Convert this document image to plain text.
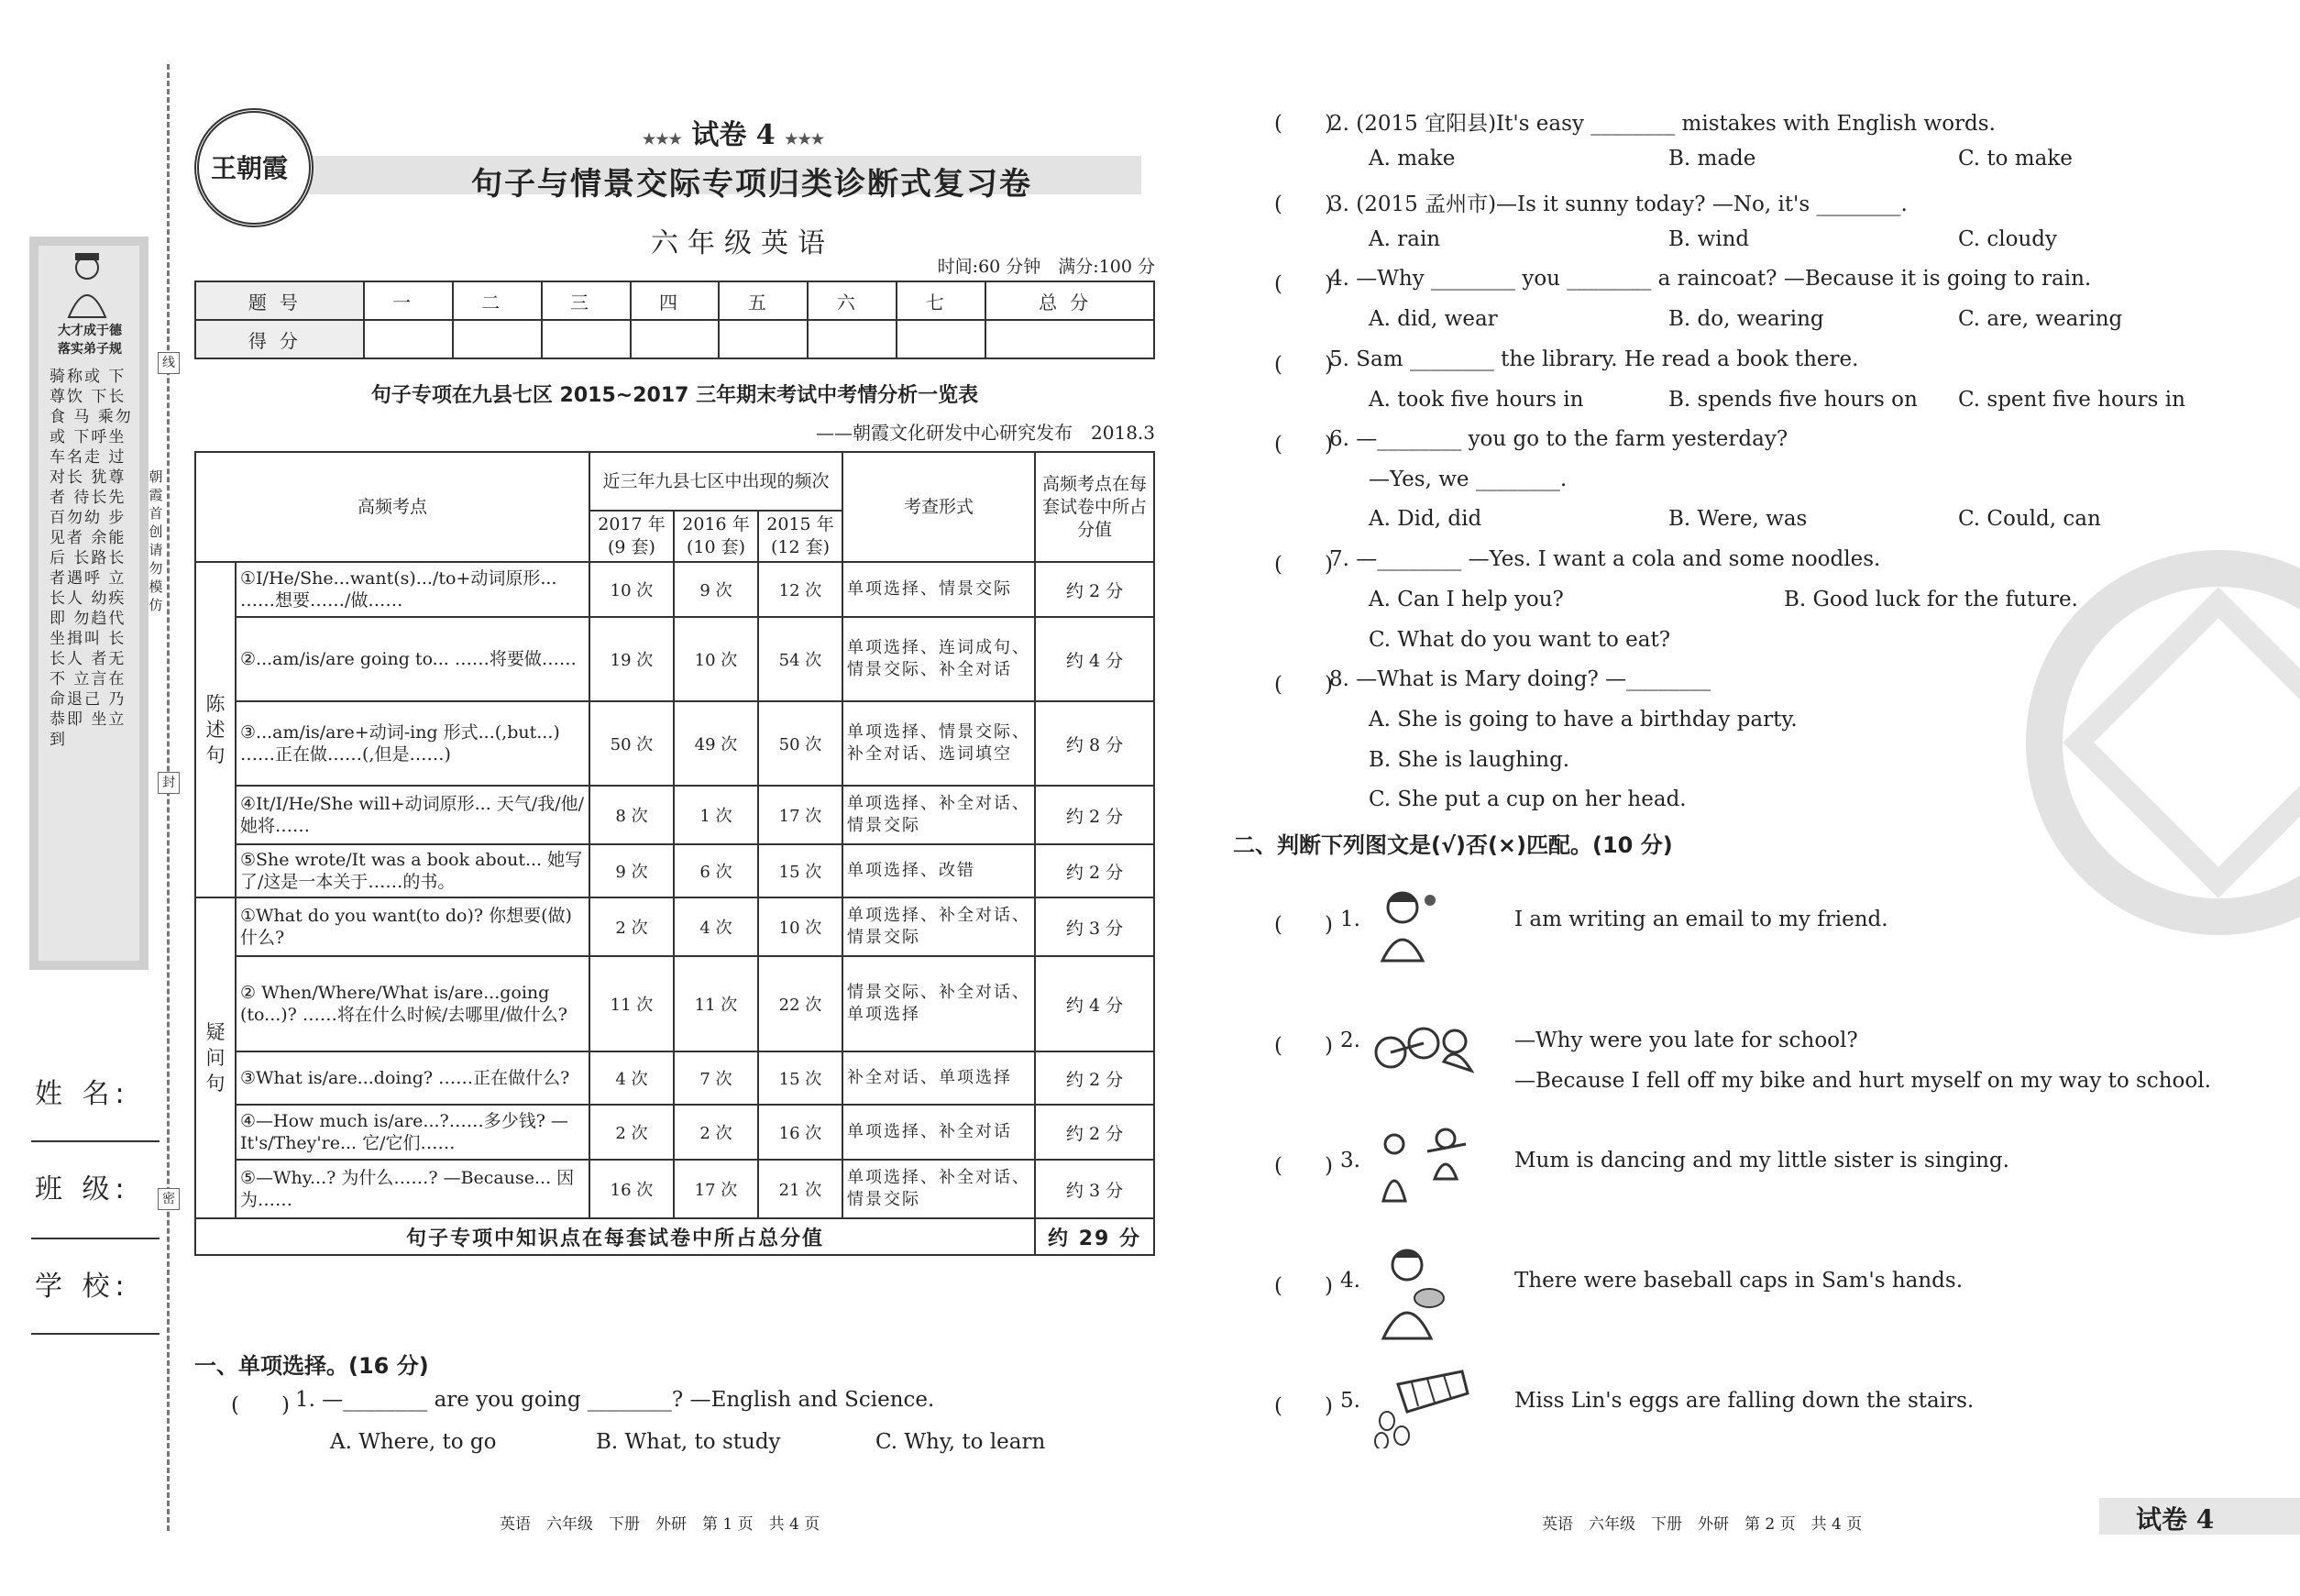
大才成于德
落实弟子规
骑称或 下尊饮 下长食 马 乘勿或 下呼坐 车名走 过对长 犹尊者 待长先 百勿幼 步见者 余能后 长路长 者遇呼 立长人 幼疾即 勿趋代 坐揖叫 长长人 者无不 立言在 命退己 乃恭即 坐立到
线
封
密
朝霞首创 请勿模仿
姓 名:
班 级:
学 校:
王朝霞
★★★ 试卷 4 ★★★
句子与情景交际专项归类诊断式复习卷
六年级英语
时间:60 分钟　满分:100 分
题号	一	二	三	四	五	六	七	总分
得分								
句子专项在九县七区 2015~2017 三年期末考试中考情分析一览表
——朝霞文化研发中心研究发布　2018.3
高频考点		近三年九县七区中出现的频次			考查形式	高频考点在每套试卷中所占分值
		2017 年 (9 套)	2016 年 (10 套)	2015 年 (12 套)		
陈述句	①I/He/She...want(s).../to+动词原形... ……想要……/做……	10 次	9 次	12 次	单项选择、情景交际	约 2 分
	②...am/is/are going to... ……将要做……	19 次	10 次	54 次	单项选择、连词成句、情景交际、补全对话	约 4 分
	③...am/is/are+动词-ing 形式...(,but...) ……正在做……(,但是……)	50 次	49 次	50 次	单项选择、情景交际、补全对话、选词填空	约 8 分
	④It/I/He/She will+动词原形... 天气/我/他/她将……	8 次	1 次	17 次	单项选择、补全对话、情景交际	约 2 分
	⑤She wrote/It was a book about... 她写了/这是一本关于……的书。	9 次	6 次	15 次	单项选择、改错	约 2 分
疑问句	①What do you want(to do)? 你想要(做)什么?	2 次	4 次	10 次	单项选择、补全对话、情景交际	约 3 分
	② When/Where/What is/are...going (to...)? ……将在什么时候/去哪里/做什么?	11 次	11 次	22 次	情景交际、补全对话、单项选择	约 4 分
	③What is/are...doing? ……正在做什么?	4 次	7 次	15 次	补全对话、单项选择	约 2 分
	④—How much is/are...?……多少钱? —It's/They're... 它/它们……	2 次	2 次	16 次	单项选择、补全对话	约 2 分
	⑤—Why...? 为什么……? —Because... 因为……	16 次	17 次	21 次	单项选择、补全对话、情景交际	约 3 分
句子专项中知识点在每套试卷中所占总分值						约 29 分
一、单项选择。(16 分)
(　　) 1. —________ are you going ________? —English and Science.
A. Where, to go	B. What, to study	C. Why, to learn
英语　六年级　下册　外研　第 1 页　共 4 页
(　　)
2. (2015 宜阳县)It's easy ________ mistakes with English words.
A. make	B. made	C. to make
(　　)
3. (2015 孟州市)—Is it sunny today? —No, it's ________.
A. rain	B. wind	C. cloudy
(　　)
4. —Why ________ you ________ a raincoat? —Because it is going to rain.
A. did, wear	B. do, wearing	C. are, wearing
(　　)
5. Sam ________ the library. He read a book there.
A. took five hours in	B. spends five hours on C. spent five hours in
(　　)
6. —________ you go to the farm yesterday?
—Yes, we ________.
A. Did, did	B. Were, was	C. Could, can
(　　)
7. —________ —Yes. I want a cola and some noodles.
A. Can I help you?	B. Good luck for the future.
C. What do you want to eat?
(　　)
8. —What is Mary doing? —________
A. She is going to have a birthday party.
B. She is laughing.
C. She put a cup on her head.
二、判断下列图文是(√)否(×)匹配。(10 分)
(　　) 1.	I am writing an email to my friend.
(　　) 2.	—Why were you late for school?
—Because I fell off my bike and hurt myself on my way to school.
(　　) 3.	Mum is dancing and my little sister is singing.
(　　) 4.	There were baseball caps in Sam's hands.
(　　) 5.	Miss Lin's eggs are falling down the stairs.
英语　六年级　下册　外研　第 2 页　共 4 页	试卷 4
